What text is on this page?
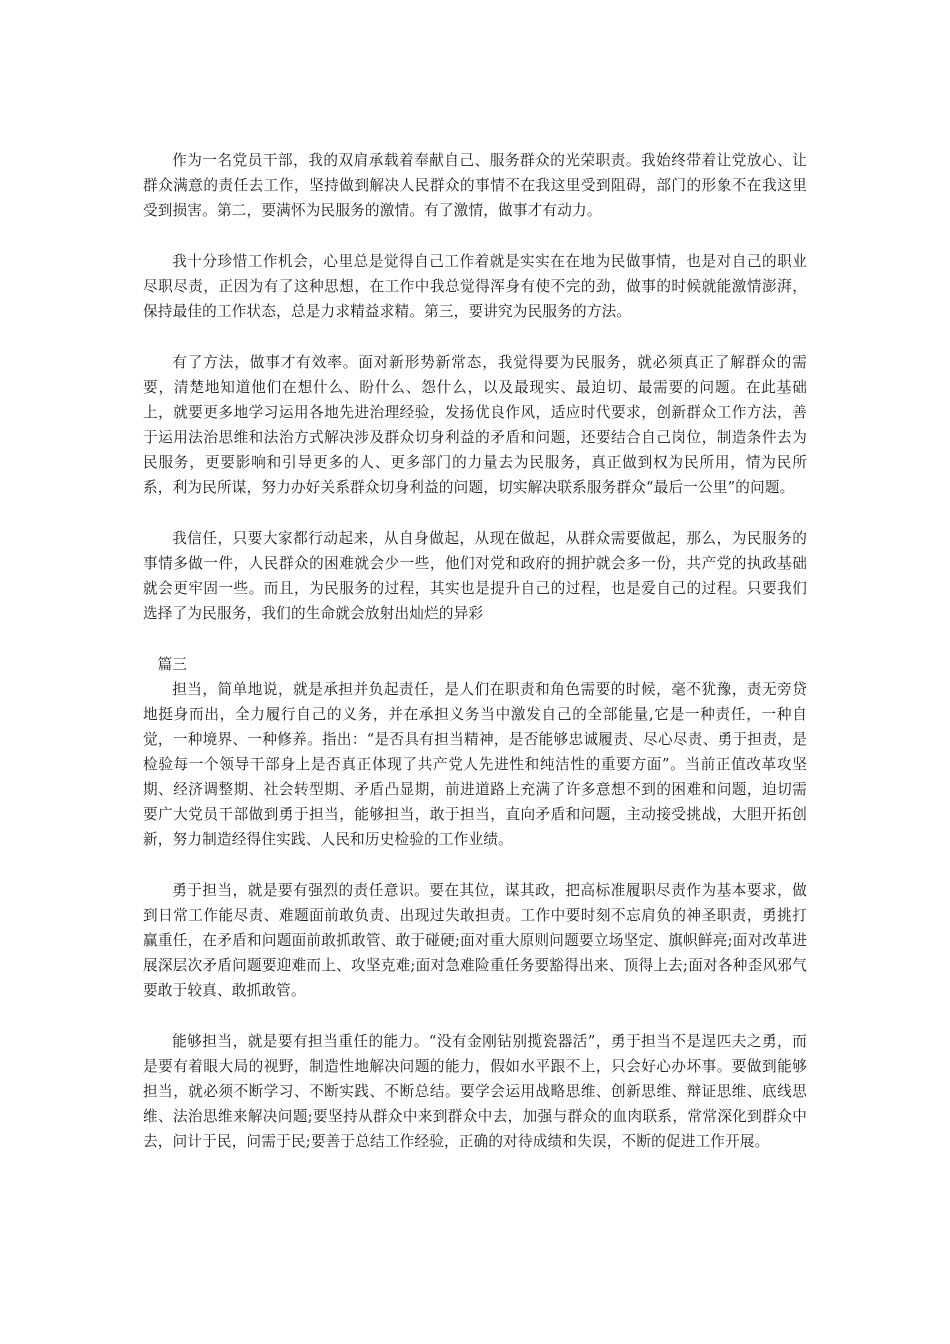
作为一名党员干部，我的双肩承载着奉献自己、服务群众的光荣职责。我始终带着让党放心、让群众满意的责任去工作，坚持做到解决人民群众的事情不在我这里受到阻碍，部门的形象不在我这里受到损害。第二，要满怀为民服务的激情。有了激情，做事才有动力。

我十分珍惜工作机会，心里总是觉得自己工作着就是实实在在地为民做事情，也是对自己的职业尽职尽责，正因为有了这种思想，在工作中我总觉得浑身有使不完的劲，做事的时候就能激情澎湃，保持最佳的工作状态，总是力求精益求精。第三，要讲究为民服务的方法。

有了方法，做事才有效率。面对新形势新常态，我觉得要为民服务，就必须真正了解群众的需要，清楚地知道他们在想什么、盼什么、怨什么，以及最现实、最迫切、最需要的问题。在此基础上，就要更多地学习运用各地先进治理经验，发扬优良作风，适应时代要求，创新群众工作方法，善于运用法治思维和法治方式解决涉及群众切身利益的矛盾和问题，还要结合自己岗位，制造条件去为民服务，更要影响和引导更多的人、更多部门的力量去为民服务，真正做到权为民所用，情为民所系，利为民所谋，努力办好关系群众切身利益的问题，切实解决联系服务群众“最后一公里”的问题。

我信任，只要大家都行动起来，从自身做起，从现在做起，从群众需要做起，那么，为民服务的事情多做一件，人民群众的困难就会少一些，他们对党和政府的拥护就会多一份，共产党的执政基础就会更牢固一些。而且，为民服务的过程，其实也是提升自己的过程，也是爱自己的过程。只要我们选择了为民服务，我们的生命就会放射出灿烂的异彩

篇三

担当，简单地说，就是承担并负起责任，是人们在职责和角色需要的时候，毫不犹豫，责无旁贷地挺身而出，全力履行自己的义务，并在承担义务当中激发自己的全部能量,它是一种责任，一种自觉，一种境界、一种修养。指出：“是否具有担当精神，是否能够忠诚履责、尽心尽责、勇于担责，是检验每一个领导干部身上是否真正体现了共产党人先进性和纯洁性的重要方面”。当前正值改革攻坚期、经济调整期、社会转型期、矛盾凸显期，前进道路上充满了许多意想不到的困难和问题，迫切需要广大党员干部做到勇于担当，能够担当，敢于担当，直向矛盾和问题，主动接受挑战，大胆开拓创新，努力制造经得住实践、人民和历史检验的工作业绩。

勇于担当，就是要有强烈的责任意识。要在其位，谋其政，把高标准履职尽责作为基本要求，做到日常工作能尽责、难题面前敢负责、出现过失敢担责。工作中要时刻不忘肩负的神圣职责，勇挑打赢重任，在矛盾和问题面前敢抓敢管、敢于碰硬;面对重大原则问题要立场坚定、旗帜鲜亮;面对改革进展深层次矛盾问题要迎难而上、攻坚克难;面对急难险重任务要豁得出来、顶得上去;面对各种歪风邪气要敢于较真、敢抓敢管。

能够担当，就是要有担当重任的能力。“没有金刚钻别揽瓷器活”，勇于担当不是逞匹夫之勇，而是要有着眼大局的视野，制造性地解决问题的能力，假如水平跟不上，只会好心办坏事。要做到能够担当，就必须不断学习、不断实践、不断总结。要学会运用战略思维、创新思维、辩证思维、底线思维、法治思维来解决问题;要坚持从群众中来到群众中去，加强与群众的血肉联系，常常深化到群众中去，问计于民，问需于民;要善于总结工作经验，正确的对待成绩和失误，不断的促进工作开展。
